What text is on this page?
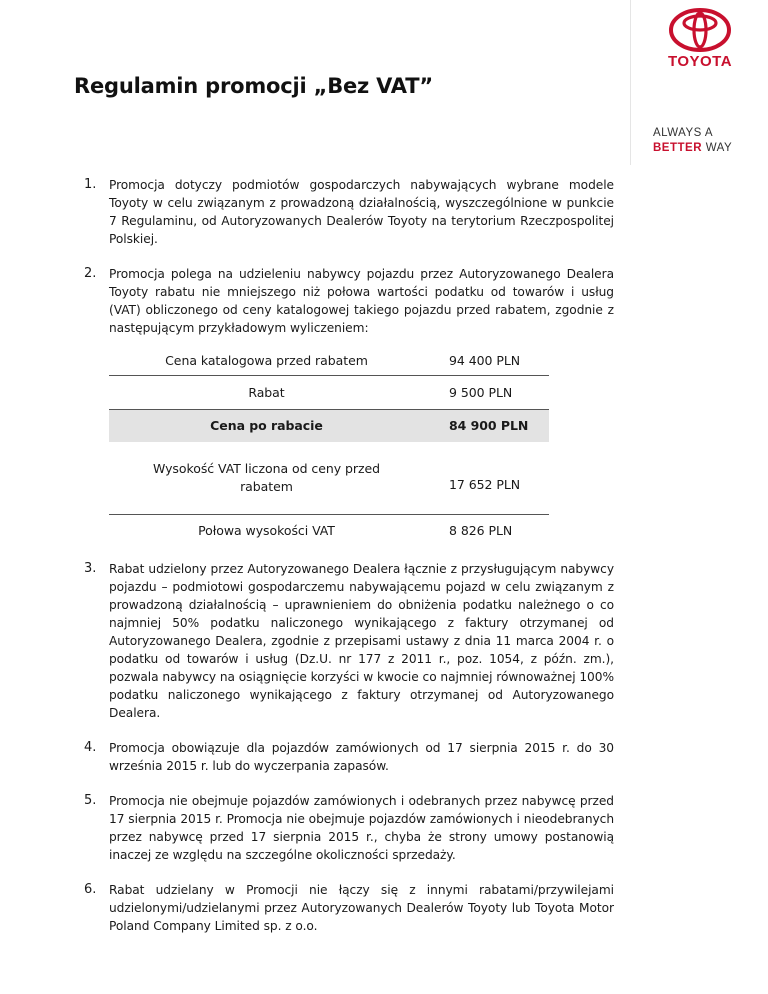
TOYOTA
ALWAYS A
BETTER WAY
Regulamin promocji „Bez VAT”
1.	Promocja dotyczy podmiotów gospodarczych nabywających wybrane modele Toyoty w celu związanym z prowadzoną działalnością, wyszczególnione w punkcie 7 Regulaminu, od Autoryzowanych Dealerów Toyoty na terytorium Rzeczpospolitej Polskiej.
2.	Promocja polega na udzieleniu nabywcy pojazdu przez Autoryzowanego Dealera Toyoty rabatu nie mniejszego niż połowa wartości podatku od towarów i usług (VAT) obliczonego od ceny katalogowej takiego pojazdu przed rabatem, zgodnie z następującym przykładowym wyliczeniem:
Cena katalogowa przed rabatem	94 400 PLN
Rabat	9 500 PLN
Cena po rabacie	84 900 PLN
Wysokość VAT liczona od ceny przed rabatem	17 652 PLN
Połowa wysokości VAT	8 826 PLN
3.	Rabat udzielony przez Autoryzowanego Dealera łącznie z przysługującym nabywcy pojazdu – podmiotowi gospodarczemu nabywającemu pojazd w celu związanym z prowadzoną działalnością – uprawnieniem do obniżenia podatku należnego o co najmniej 50% podatku naliczonego wynikającego z faktury otrzymanej od Autoryzowanego Dealera, zgodnie z przepisami ustawy z dnia 11 marca 2004 r. o podatku od towarów i usług (Dz.U. nr 177 z 2011 r., poz. 1054, z późn. zm.), pozwala nabywcy na osiągnięcie korzyści w kwocie co najmniej równoważnej 100% podatku naliczonego wynikającego z faktury otrzymanej od Autoryzowanego Dealera.
4.	Promocja obowiązuje dla pojazdów zamówionych od 17 sierpnia 2015 r. do 30 września 2015 r. lub do wyczerpania zapasów.
5.	Promocja nie obejmuje pojazdów zamówionych i odebranych przez nabywcę przed 17 sierpnia 2015 r. Promocja nie obejmuje pojazdów zamówionych i nieodebranych przez nabywcę przed 17 sierpnia 2015 r., chyba że strony umowy postanowią inaczej ze względu na szczególne okoliczności sprzedaży.
6.	Rabat udzielany w Promocji nie łączy się z innymi rabatami/przywilejami udzielonymi/udzielanymi przez Autoryzowanych Dealerów Toyoty lub Toyota Motor Poland Company Limited sp. z o.o.
